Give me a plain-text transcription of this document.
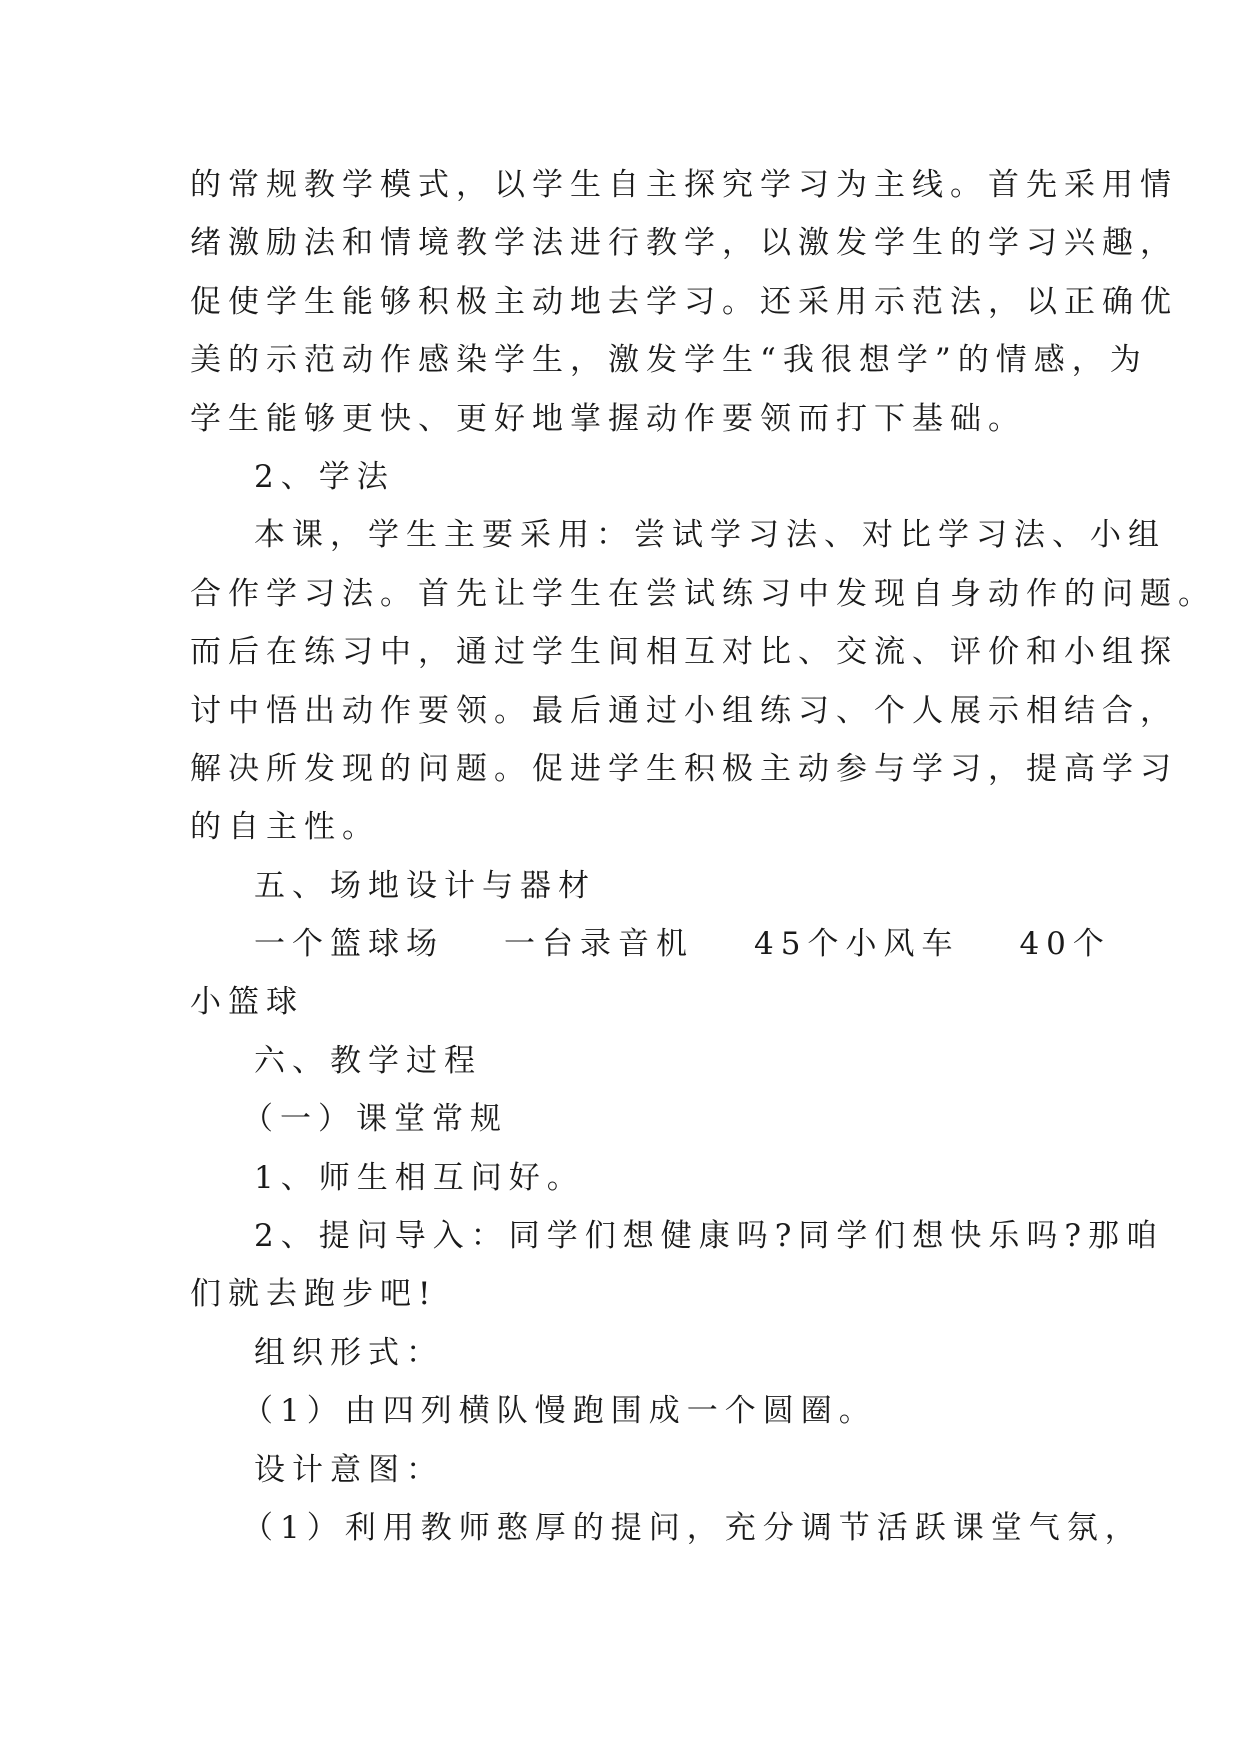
的常规教学模式，以学生自主探究学习为主线。首先采用情
绪激励法和情境教学法进行教学，以激发学生的学习兴趣，
促使学生能够积极主动地去学习。还采用示范法，以正确优
美的示范动作感染学生，激发学生“我很想学”的情感，为
学生能够更快、更好地掌握动作要领而打下基础。
2、学法
本课，学生主要采用：尝试学习法、对比学习法、小组
合作学习法。首先让学生在尝试练习中发现自身动作的问题。
而后在练习中，通过学生间相互对比、交流、评价和小组探
讨中悟出动作要领。最后通过小组练习、个人展示相结合，
解决所发现的问题。促进学生积极主动参与学习，提高学习
的自主性。
五、场地设计与器材
一个篮球场 一台录音机 45个小风车 40个
小篮球
六、教学过程
（一）课堂常规
1、师生相互问好。
2、提问导入：同学们想健康吗?同学们想快乐吗?那咱
们就去跑步吧!
组织形式：
（1）由四列横队慢跑围成一个圆圈。
设计意图：
（1）利用教师憨厚的提问，充分调节活跃课堂气氛，
